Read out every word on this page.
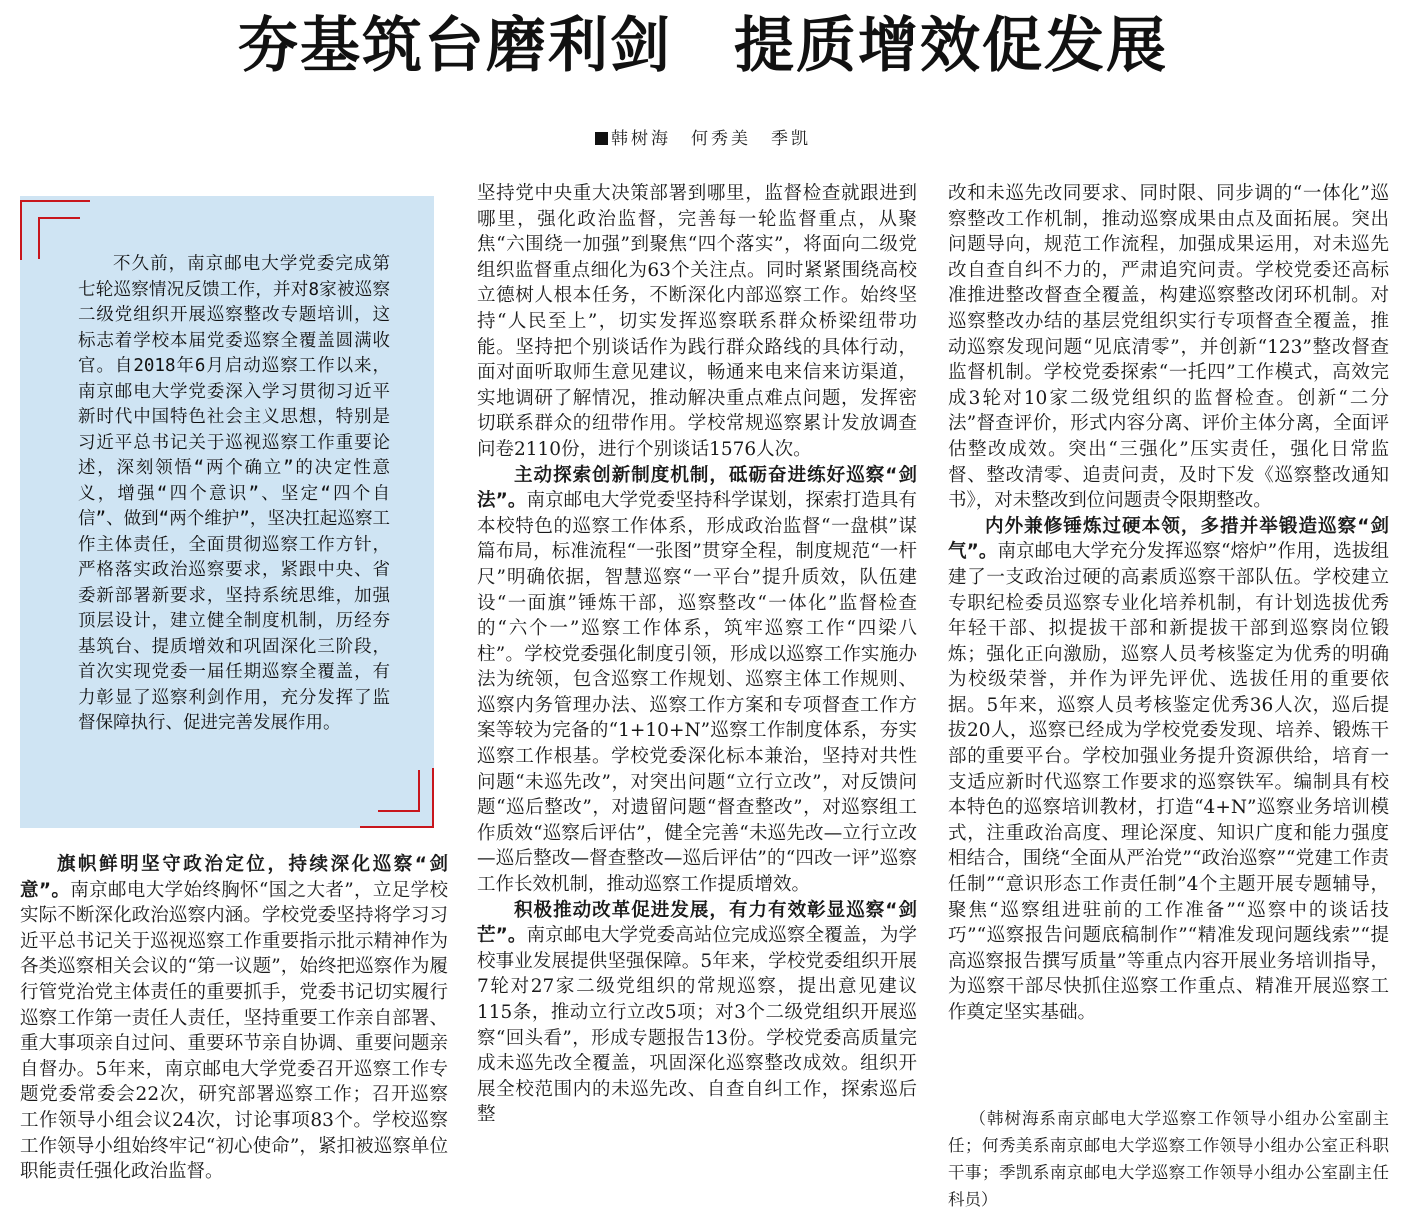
夯基筑台磨利剑　提质增效促发展
韩树海　何秀美　季凯

不久前，南京邮电大学党委完成第七轮巡察情况反馈工作，并对8家被巡察二级党组织开展巡察整改专题培训，这标志着学校本届党委巡察全覆盖圆满收官。自2018年6月启动巡察工作以来，南京邮电大学党委深入学习贯彻习近平新时代中国特色社会主义思想，特别是习近平总书记关于巡视巡察工作重要论述，深刻领悟“两个确立”的决定性意义，增强“四个意识”、坚定“四个自信”、做到“两个维护”，坚决扛起巡察工作主体责任，全面贯彻巡察工作方针，严格落实政治巡察要求，紧跟中央、省委新部署新要求，坚持系统思维，加强顶层设计，建立健全制度机制，历经夯基筑台、提质增效和巩固深化三阶段，首次实现党委一届任期巡察全覆盖，有力彰显了巡察利剑作用，充分发挥了监督保障执行、促进完善发展作用。

旗帜鲜明坚守政治定位，持续深化巡察“剑意”。南京邮电大学始终胸怀“国之大者”，立足学校实际不断深化政治巡察内涵。学校党委坚持将学习习近平总书记关于巡视巡察工作重要指示批示精神作为各类巡察相关会议的“第一议题”，始终把巡察作为履行管党治党主体责任的重要抓手，党委书记切实履行巡察工作第一责任人责任，坚持重要工作亲自部署、重大事项亲自过问、重要环节亲自协调、重要问题亲自督办。5年来，南京邮电大学党委召开巡察工作专题党委常委会22次，研究部署巡察工作；召开巡察工作领导小组会议24次，讨论事项83个。学校巡察工作领导小组始终牢记“初心使命”，紧扣被巡察单位职能责任强化政治监督。

坚持党中央重大决策部署到哪里，监督检查就跟进到哪里，强化政治监督，完善每一轮监督重点，从聚焦“六围绕一加强”到聚焦“四个落实”，将面向二级党组织监督重点细化为63个关注点。同时紧紧围绕高校立德树人根本任务，不断深化内部巡察工作。始终坚持“人民至上”，切实发挥巡察联系群众桥梁纽带功能。坚持把个别谈话作为践行群众路线的具体行动，面对面听取师生意见建议，畅通来电来信来访渠道，实地调研了解情况，推动解决重点难点问题，发挥密切联系群众的纽带作用。学校常规巡察累计发放调查问卷2110份，进行个别谈话1576人次。

主动探索创新制度机制，砥砺奋进练好巡察“剑法”。南京邮电大学党委坚持科学谋划，探索打造具有本校特色的巡察工作体系，形成政治监督“一盘棋”谋篇布局，标准流程“一张图”贯穿全程，制度规范“一杆尺”明确依据，智慧巡察“一平台”提升质效，队伍建设“一面旗”锤炼干部，巡察整改“一体化”监督检查的“六个一”巡察工作体系，筑牢巡察工作“四梁八柱”。学校党委强化制度引领，形成以巡察工作实施办法为统领，包含巡察工作规划、巡察主体工作规则、巡察内务管理办法、巡察工作方案和专项督查工作方案等较为完备的“1+10+N”巡察工作制度体系，夯实巡察工作根基。学校党委深化标本兼治，坚持对共性问题“未巡先改”，对突出问题“立行立改”，对反馈问题“巡后整改”，对遗留问题“督查整改”，对巡察组工作质效“巡察后评估”，健全完善“未巡先改—立行立改—巡后整改—督查整改—巡后评估”的“四改一评”巡察工作长效机制，推动巡察工作提质增效。

积极推动改革促进发展，有力有效彰显巡察“剑芒”。南京邮电大学党委高站位完成巡察全覆盖，为学校事业发展提供坚强保障。5年来，学校党委组织开展7轮对27家二级党组织的常规巡察，提出意见建议115条，推动立行立改5项；对3个二级党组织开展巡察“回头看”，形成专题报告13份。学校党委高质量完成未巡先改全覆盖，巩固深化巡察整改成效。组织开展全校范围内的未巡先改、自查自纠工作，探索巡后整

改和未巡先改同要求、同时限、同步调的“一体化”巡察整改工作机制，推动巡察成果由点及面拓展。突出问题导向，规范工作流程，加强成果运用，对未巡先改自查自纠不力的，严肃追究问责。学校党委还高标准推进整改督查全覆盖，构建巡察整改闭环机制。对巡察整改办结的基层党组织实行专项督查全覆盖，推动巡察发现问题“见底清零”，并创新“123”整改督查监督机制。学校党委探索“一托四”工作模式，高效完成3轮对10家二级党组织的监督检查。创新“二分法”督查评价，形式内容分离、评价主体分离，全面评估整改成效。突出“三强化”压实责任，强化日常监督、整改清零、追责问责，及时下发《巡察整改通知书》，对未整改到位问题责令限期整改。

内外兼修锤炼过硬本领，多措并举锻造巡察“剑气”。南京邮电大学充分发挥巡察“熔炉”作用，选拔组建了一支政治过硬的高素质巡察干部队伍。学校建立专职纪检委员巡察专业化培养机制，有计划选拔优秀年轻干部、拟提拔干部和新提拔干部到巡察岗位锻炼；强化正向激励，巡察人员考核鉴定为优秀的明确为校级荣誉，并作为评先评优、选拔任用的重要依据。5年来，巡察人员考核鉴定优秀36人次，巡后提拔20人，巡察已经成为学校党委发现、培养、锻炼干部的重要平台。学校加强业务提升资源供给，培育一支适应新时代巡察工作要求的巡察铁军。编制具有校本特色的巡察培训教材，打造“4+N”巡察业务培训模式，注重政治高度、理论深度、知识广度和能力强度相结合，围绕“全面从严治党”“政治巡察”“党建工作责任制”“意识形态工作责任制”4个主题开展专题辅导，聚焦“巡察组进驻前的工作准备”“巡察中的谈话技巧”“巡察报告问题底稿制作”“精准发现问题线索”“提高巡察报告撰写质量”等重点内容开展业务培训指导，为巡察干部尽快抓住巡察工作重点、精准开展巡察工作奠定坚实基础。

（韩树海系南京邮电大学巡察工作领导小组办公室副主任；何秀美系南京邮电大学巡察工作领导小组办公室正科职干事；季凯系南京邮电大学巡察工作领导小组办公室副主任科员）
